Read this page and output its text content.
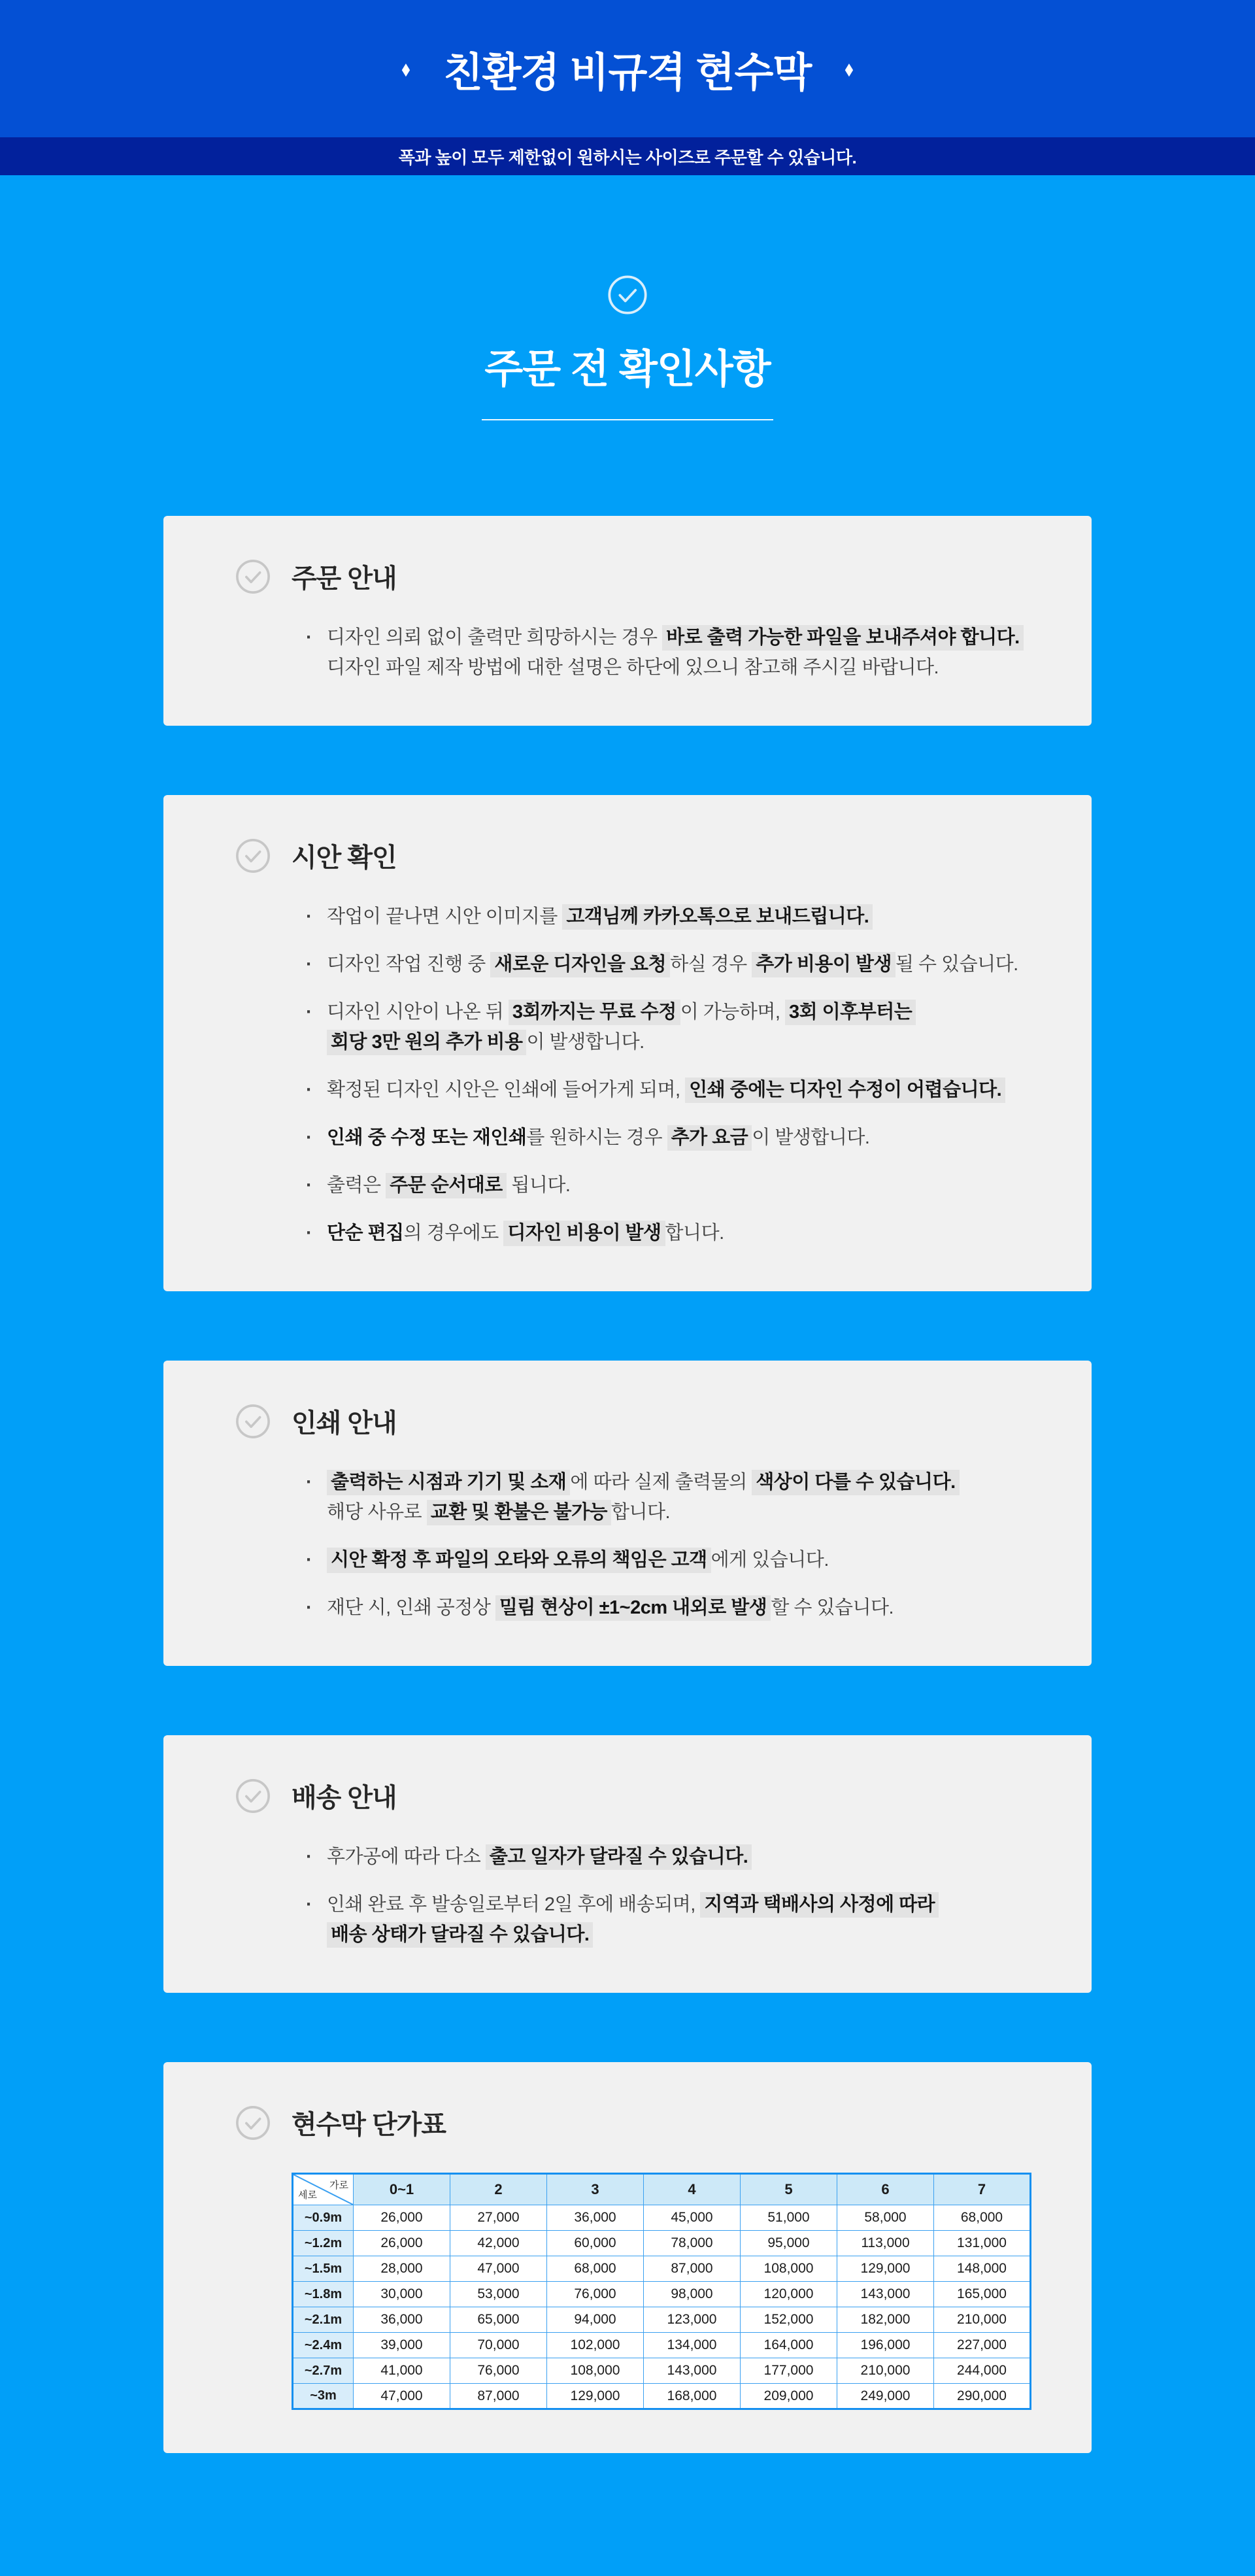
◆ 친환경 비규격 현수막 ◆
폭과 높이 모두 제한없이 원하시는 사이즈로 주문할 수 있습니다.
주문 전 확인사항
주문 안내
· 디자인 의뢰 없이 출력만 희망하시는 경우 바로 출력 가능한 파일을 보내주셔야 합니다.
디자인 파일 제작 방법에 대한 설명은 하단에 있으니 참고해 주시길 바랍니다.
시안 확인
· 작업이 끝나면 시안 이미지를 고객님께 카카오톡으로 보내드립니다.
· 디자인 작업 진행 중 새로운 디자인을 요청 하실 경우 추가 비용이 발생 될 수 있습니다.
· 디자인 시안이 나온 뒤 3회까지는 무료 수정 이 가능하며, 3회 이후부터는
회당 3만 원의 추가 비용 이 발생합니다.
· 확정된 디자인 시안은 인쇄에 들어가게 되며, 인쇄 중에는 디자인 수정이 어렵습니다.
· 인쇄 중 수정 또는 재인쇄를 원하시는 경우 추가 요금 이 발생합니다.
· 출력은 주문 순서대로 됩니다.
· 단순 편집의 경우에도 디자인 비용이 발생 합니다.
인쇄 안내
· 출력하는 시점과 기기 및 소재 에 따라 실제 출력물의 색상이 다를 수 있습니다.
해당 사유로 교환 및 환불은 불가능 합니다.
· 시안 확정 후 파일의 오타와 오류의 책임은 고객 에게 있습니다.
· 재단 시, 인쇄 공정상 밀림 현상이 ±1~2cm 내외로 발생 할 수 있습니다.
배송 안내
· 후가공에 따라 다소 출고 일자가 달라질 수 있습니다.
· 인쇄 완료 후 발송일로부터 2일 후에 배송되며, 지역과 택배사의 사정에 따라
배송 상태가 달라질 수 있습니다.
현수막 단가표
가로
세로	0~1	2	3	4	5	6	7
~0.9m	26,000	27,000	36,000	45,000	51,000	58,000	68,000
~1.2m	26,000	42,000	60,000	78,000	95,000	113,000	131,000
~1.5m	28,000	47,000	68,000	87,000	108,000	129,000	148,000
~1.8m	30,000	53,000	76,000	98,000	120,000	143,000	165,000
~2.1m	36,000	65,000	94,000	123,000	152,000	182,000	210,000
~2.4m	39,000	70,000	102,000	134,000	164,000	196,000	227,000
~2.7m	41,000	76,000	108,000	143,000	177,000	210,000	244,000
~3m	47,000	87,000	129,000	168,000	209,000	249,000	290,000
